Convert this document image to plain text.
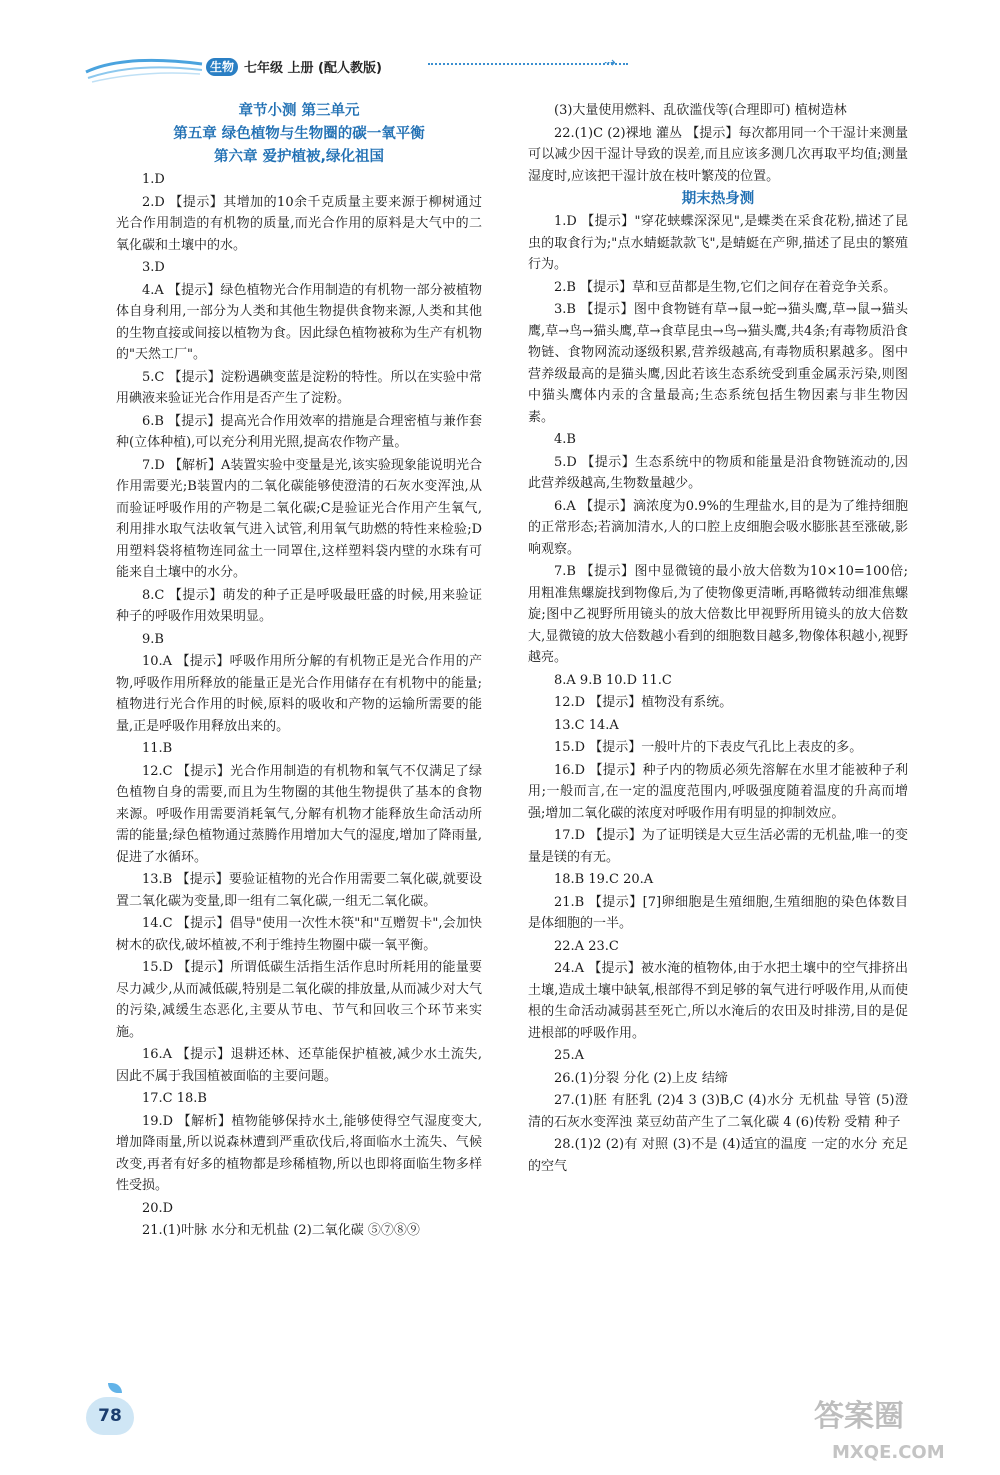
生物 七年级 上册 (配人教版)	⇢

章节小测 第三单元

第五章 绿色植物与生物圈的碳一氧平衡

第六章 爱护植被,绿化祖国

1.D

2.D 【提示】其增加的10余千克质量主要来源于柳树通过光合作用制造的有机物的质量,而光合作用的原料是大气中的二氧化碳和土壤中的水。

3.D

4.A 【提示】绿色植物光合作用制造的有机物一部分被植物体自身利用,一部分为人类和其他生物提供食物来源,人类和其他的生物直接或间接以植物为食。因此绿色植物被称为生产有机物的"天然工厂"。

5.C 【提示】淀粉遇碘变蓝是淀粉的特性。所以在实验中常用碘液来验证光合作用是否产生了淀粉。

6.B 【提示】提高光合作用效率的措施是合理密植与兼作套种(立体种植),可以充分利用光照,提高农作物产量。

7.D 【解析】A装置实验中变量是光,该实验现象能说明光合作用需要光;B装置内的二氧化碳能够使澄清的石灰水变浑浊,从而验证呼吸作用的产物是二氧化碳;C是验证光合作用产生氧气,利用排水取气法收氧气进入试管,利用氧气助燃的特性来检验;D用塑料袋将植物连同盆土一同罩住,这样塑料袋内壁的水珠有可能来自土壤中的水分。

8.C 【提示】萌发的种子正是呼吸最旺盛的时候,用来验证种子的呼吸作用效果明显。

9.B

10.A 【提示】呼吸作用所分解的有机物正是光合作用的产物,呼吸作用所释放的能量正是光合作用储存在有机物中的能量;植物进行光合作用的时候,原料的吸收和产物的运输所需要的能量,正是呼吸作用释放出来的。

11.B

12.C 【提示】光合作用制造的有机物和氧气不仅满足了绿色植物自身的需要,而且为生物圈的其他生物提供了基本的食物来源。呼吸作用需要消耗氧气,分解有机物才能释放生命活动所需的能量;绿色植物通过蒸腾作用增加大气的湿度,增加了降雨量,促进了水循环。

13.B 【提示】要验证植物的光合作用需要二氧化碳,就要设置二氧化碳为变量,即一组有二氧化碳,一组无二氧化碳。

14.C 【提示】倡导"使用一次性木筷"和"互赠贺卡",会加快树木的砍伐,破坏植被,不利于维持生物圈中碳一氧平衡。

15.D 【提示】所谓低碳生活指生活作息时所耗用的能量要尽力减少,从而减低碳,特别是二氧化碳的排放量,从而减少对大气的污染,减缓生态恶化,主要从节电、节气和回收三个环节来实施。

16.A 【提示】退耕还林、还草能保护植被,减少水土流失,因此不属于我国植被面临的主要问题。

17.C 18.B

19.D 【解析】植物能够保持水土,能够使得空气湿度变大,增加降雨量,所以说森林遭到严重砍伐后,将面临水土流失、气候改变,再者有好多的植物都是珍稀植物,所以也即将面临生物多样性受损。

20.D

21.(1)叶脉 水分和无机盐 (2)二氧化碳 ⑤⑦⑧⑨

(3)大量使用燃料、乱砍滥伐等(合理即可) 植树造林

22.(1)C (2)裸地 灌丛 【提示】每次都用同一个干湿计来测量可以减少因干湿计导致的误差,而且应该多测几次再取平均值;测量湿度时,应该把干湿计放在枝叶繁茂的位置。

期末热身测

1.D 【提示】"穿花蛱蝶深深见",是蝶类在采食花粉,描述了昆虫的取食行为;"点水蜻蜓款款飞",是蜻蜓在产卵,描述了昆虫的繁殖行为。

2.B 【提示】草和豆苗都是生物,它们之间存在着竞争关系。

3.B 【提示】图中食物链有草→鼠→蛇→猫头鹰,草→鼠→猫头鹰,草→鸟→猫头鹰,草→食草昆虫→鸟→猫头鹰,共4条;有毒物质沿食物链、食物网流动逐级积累,营养级越高,有毒物质积累越多。图中营养级最高的是猫头鹰,因此若该生态系统受到重金属汞污染,则图中猫头鹰体内汞的含量最高;生态系统包括生物因素与非生物因素。

4.B

5.D 【提示】生态系统中的物质和能量是沿食物链流动的,因此营养级越高,生物数量越少。

6.A 【提示】滴浓度为0.9%的生理盐水,目的是为了维持细胞的正常形态;若滴加清水,人的口腔上皮细胞会吸水膨胀甚至涨破,影响观察。

7.B 【提示】图中显微镜的最小放大倍数为10×10=100倍;用粗准焦螺旋找到物像后,为了使物像更清晰,再略微转动细准焦螺旋;图中乙视野所用镜头的放大倍数比甲视野所用镜头的放大倍数大,显微镜的放大倍数越小看到的细胞数目越多,物像体积越小,视野越亮。

8.A 9.B 10.D 11.C

12.D 【提示】植物没有系统。

13.C 14.A

15.D 【提示】一般叶片的下表皮气孔比上表皮的多。

16.D 【提示】种子内的物质必须先溶解在水里才能被种子利用;一般而言,在一定的温度范围内,呼吸强度随着温度的升高而增强;增加二氧化碳的浓度对呼吸作用有明显的抑制效应。

17.D 【提示】为了证明镁是大豆生活必需的无机盐,唯一的变量是镁的有无。

18.B 19.C 20.A

21.B 【提示】[7]卵细胞是生殖细胞,生殖细胞的染色体数目是体细胞的一半。

22.A 23.C

24.A 【提示】被水淹的植物体,由于水把土壤中的空气排挤出土壤,造成土壤中缺氧,根部得不到足够的氧气进行呼吸作用,从而使根的生命活动减弱甚至死亡,所以水淹后的农田及时排涝,目的是促进根部的呼吸作用。

25.A

26.(1)分裂 分化 (2)上皮 结缔

27.(1)胚 有胚乳 (2)4 3 (3)B,C (4)水分 无机盐 导管 (5)澄清的石灰水变浑浊 菜豆幼苗产生了二氧化碳 4 (6)传粉 受精 种子

28.(1)2 (2)有 对照 (3)不是 (4)适宜的温度 一定的水分 充足的空气

78	答案圈
MXQE.COM
